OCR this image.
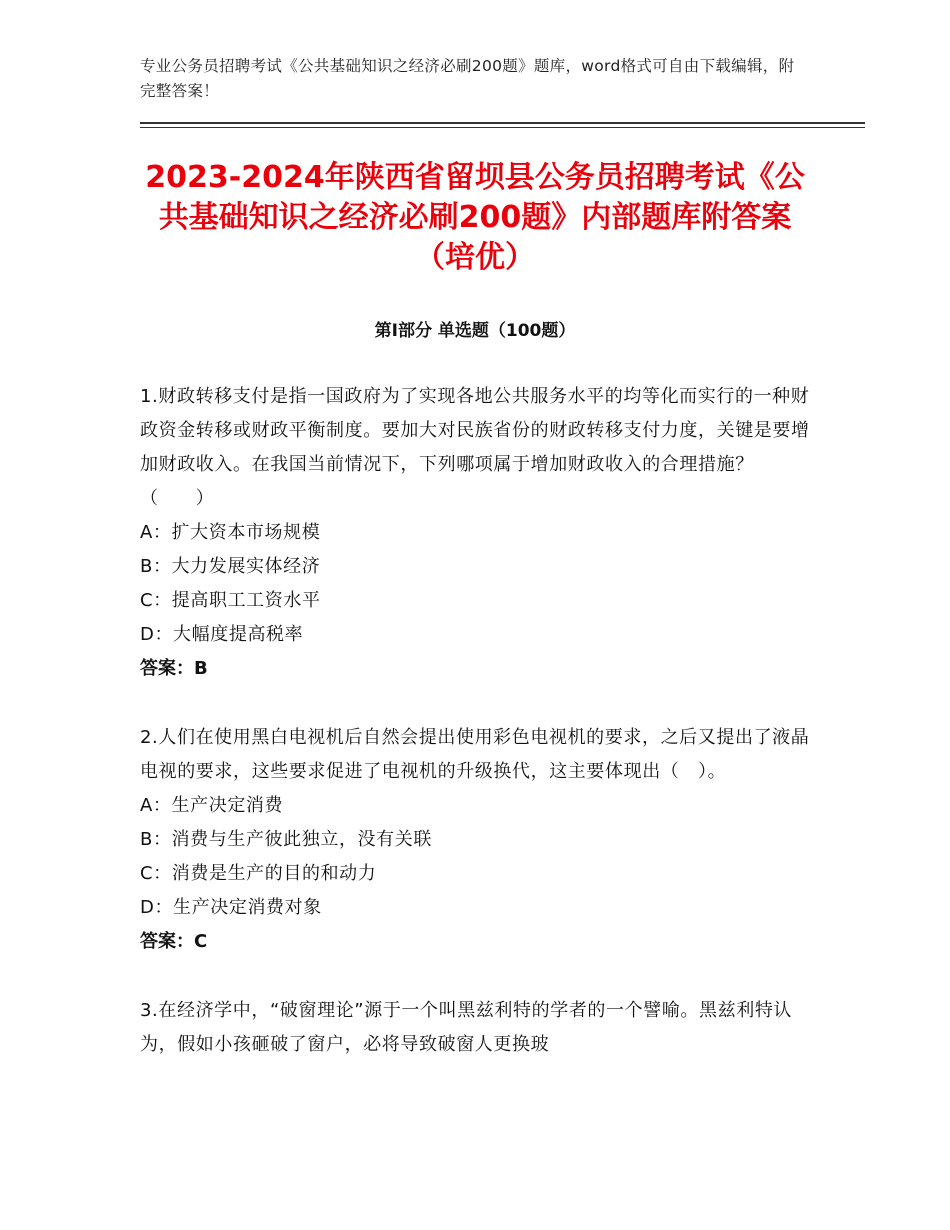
专业公务员招聘考试《公共基础知识之经济必刷200题》题库，word格式可自由下载编辑，附完整答案！
2023-2024年陕西省留坝县公务员招聘考试《公共基础知识之经济必刷200题》内部题库附答案（培优）
第Ⅰ部分 单选题（100题）

1.财政转移支付是指一国政府为了实现各地公共服务水平的均等化而实行的一种财政资金转移或财政平衡制度。要加大对民族省份的财政转移支付力度，关键是要增加财政收入。在我国当前情况下，下列哪项属于增加财政收入的合理措施？（　　）

A：扩大资本市场规模

B：大力发展实体经济

C：提高职工工资水平

D：大幅度提高税率

答案：B

2.人们在使用黑白电视机后自然会提出使用彩色电视机的要求，之后又提出了液晶电视的要求，这些要求促进了电视机的升级换代，这主要体现出（　）。

A：生产决定消费

B：消费与生产彼此独立，没有关联

C：消费是生产的目的和动力

D：生产决定消费对象

答案：C

3.在经济学中，“破窗理论”源于一个叫黑兹利特的学者的一个譬喻。黑兹利特认为，假如小孩砸破了窗户，必将导致破窗人更换玻
